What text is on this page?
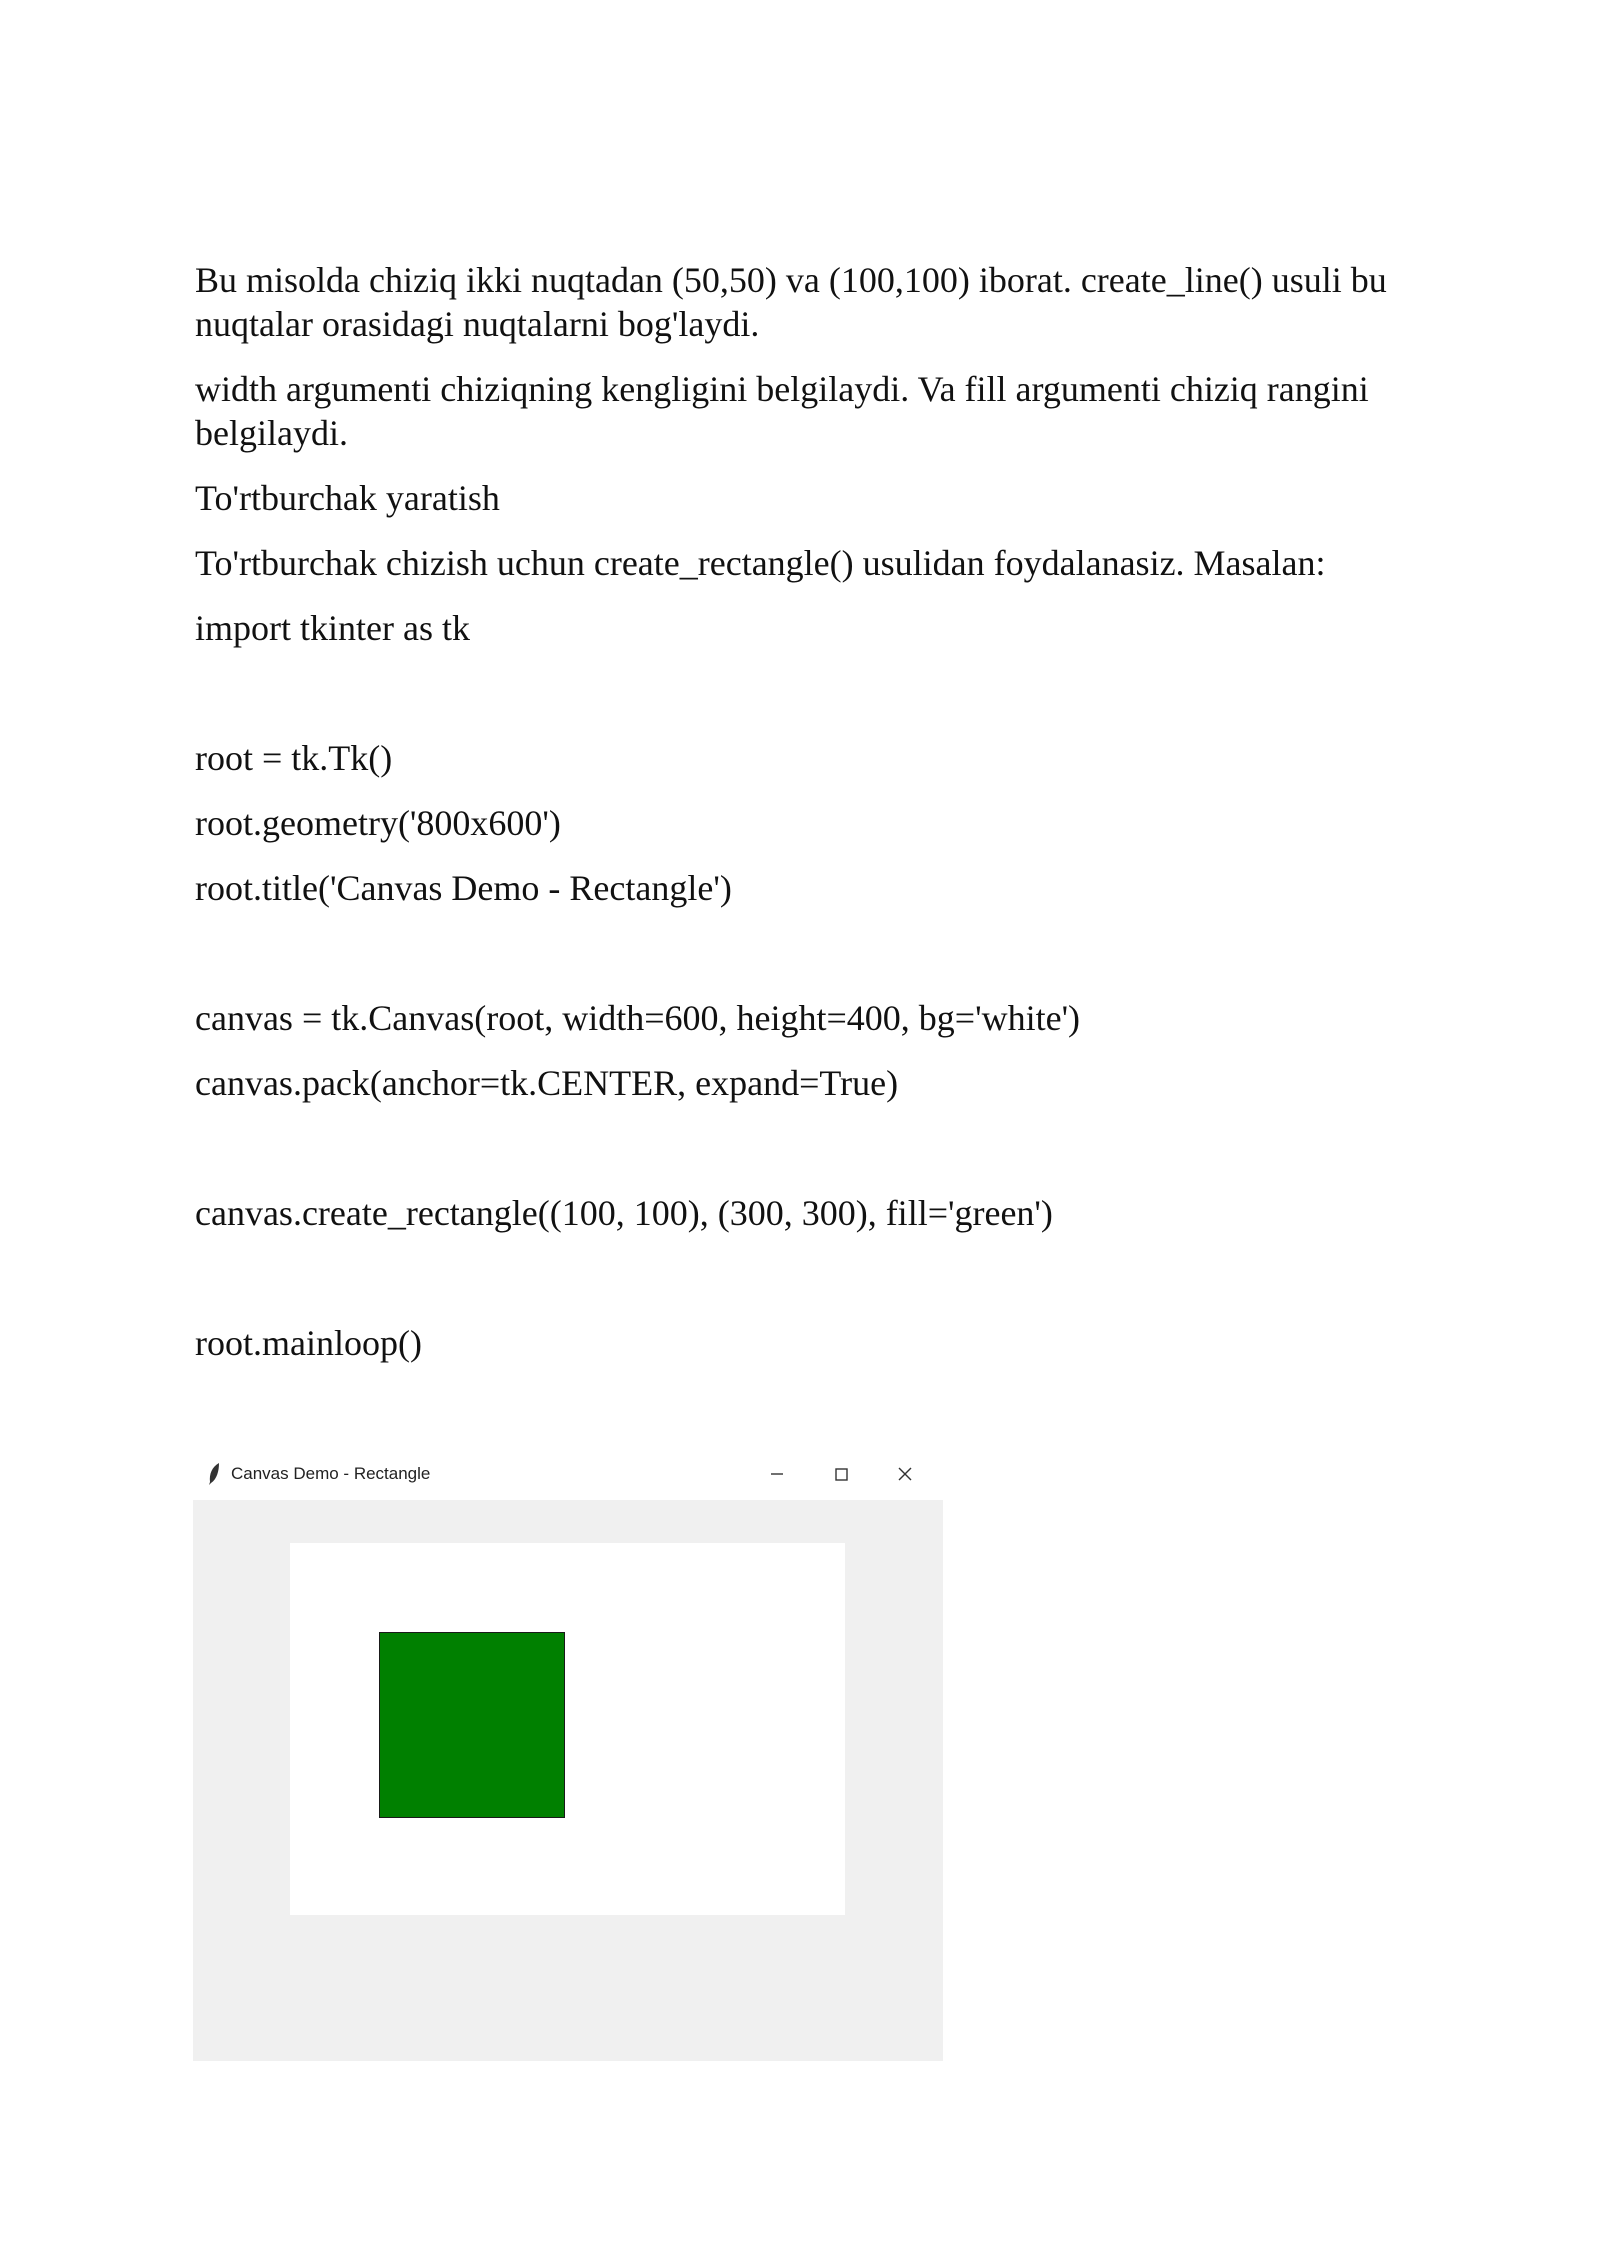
Bu misolda chiziq ikki nuqtadan (50,50) va (100,100) iborat. create_line() usuli bu nuqtalar orasidagi nuqtalarni bog'laydi.

width argumenti chiziqning kengligini belgilaydi. Va fill argumenti chiziq rangini belgilaydi.

To'rtburchak yaratish

To'rtburchak chizish uchun create_rectangle() usulidan foydalanasiz. Masalan:

import tkinter as tk

root = tk.Tk()

root.geometry('800x600')

root.title('Canvas Demo - Rectangle')

canvas = tk.Canvas(root, width=600, height=400, bg='white')

canvas.pack(anchor=tk.CENTER, expand=True)

canvas.create_rectangle((100, 100), (300, 300), fill='green')

root.mainloop()

Canvas Demo - Rectangle
